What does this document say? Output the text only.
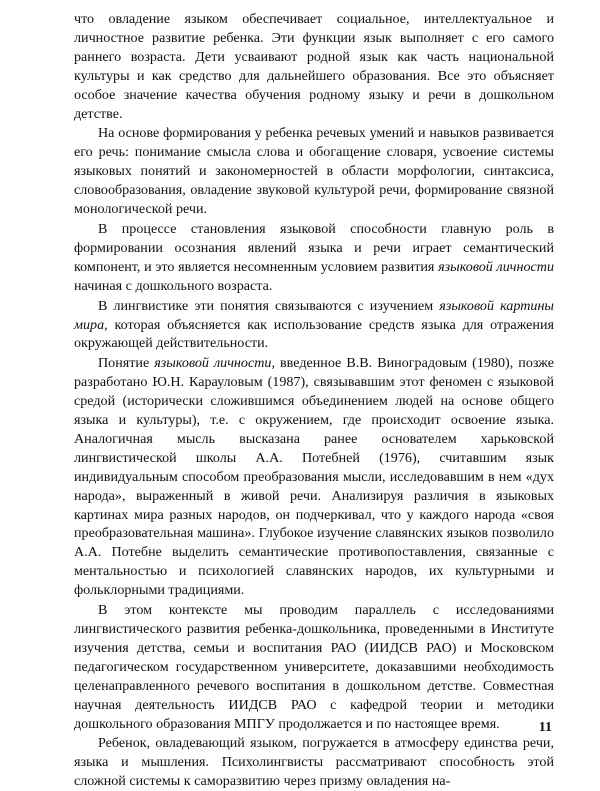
что овладение языком обеспечивает социальное, интеллектуальное и личностное развитие ребенка. Эти функции язык выполняет с его самого раннего возраста. Дети усваивают родной язык как часть национальной культуры и как средство для дальнейшего образования. Все это объясняет особое значение качества обучения родному языку и речи в дошкольном детстве.

На основе формирования у ребенка речевых умений и навыков развивается его речь: понимание смысла слова и обогащение словаря, усвоение системы языковых понятий и закономерностей в области морфологии, синтаксиса, словообразования, овладение звуковой культурой речи, формирование связной монологической речи.

В процессе становления языковой способности главную роль в формировании осознания явлений языка и речи играет семантический компонент, и это является несомненным условием развития языковой личности начиная с дошкольного возраста.

В лингвистике эти понятия связываются с изучением языковой картины мира, которая объясняется как использование средств языка для отражения окружающей действительности.

Понятие языковой личности, введенное В.В. Виноградовым (1980), позже разработано Ю.Н. Карауловым (1987), связывавшим этот феномен с языковой средой (исторически сложившимся объединением людей на основе общего языка и культуры), т.е. с окружением, где происходит освоение языка. Аналогичная мысль высказана ранее основателем харьковской лингвистической школы А.А. Потебней (1976), считавшим язык индивидуальным способом преобразования мысли, исследовавшим в нем «дух народа», выраженный в живой речи. Анализируя различия в языковых картинах мира разных народов, он подчеркивал, что у каждого народа «своя преобразовательная машина». Глубокое изучение славянских языков позволило А.А. Потебне выделить семантические противопоставления, связанные с ментальностью и психологией славянских народов, их культурными и фольклорными традициями.

В этом контексте мы проводим параллель с исследованиями лингвистического развития ребенка-дошкольника, проведенными в Институте изучения детства, семьи и воспитания РАО (ИИДСВ РАО) и Московском педагогическом государственном университете, доказавшими необходимость целенаправленного речевого воспитания в дошкольном детстве. Совместная научная деятельность ИИДСВ РАО с кафедрой теории и методики дошкольного образования МПГУ продолжается и по настоящее время.

Ребенок, овладевающий языком, погружается в атмосферу единства речи, языка и мышления. Психолингвисты рассматривают способность этой сложной системы к саморазвитию через призму овладения на-

11
